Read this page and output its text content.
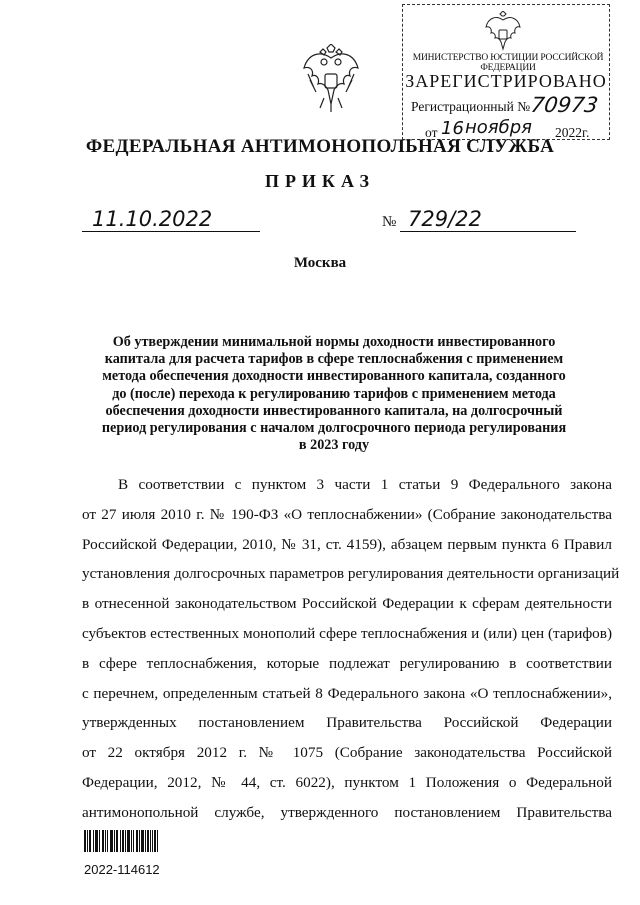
МИНИСТЕРСТВО ЮСТИЦИИ РОССИЙСКОЙ ФЕДЕРАЦИИ
ЗАРЕГИСТРИРОВАНО
Регистрационный № 70973
от 16 ноября 2022г.
ФЕДЕРАЛЬНАЯ АНТИМОНОПОЛЬНАЯ СЛУЖБА
ПРИКАЗ
11.10.2022	№ 729/22
Москва
Об утверждении минимальной нормы доходности инвестированного
капитала для расчета тарифов в сфере теплоснабжения с применением
метода обеспечения доходности инвестированного капитала, созданного
до (после) перехода к регулированию тарифов с применением метода
обеспечения доходности инвестированного капитала, на долгосрочный
период регулирования с началом долгосрочного периода регулирования
в 2023 году
В соответствии с пунктом 3 части 1 статьи 9 Федерального закона
от 27 июля 2010 г. № 190-ФЗ «О теплоснабжении» (Собрание законодательства
Российской Федерации, 2010, № 31, ст. 4159), абзацем первым пункта 6 Правил
установления долгосрочных параметров регулирования деятельности организаций
в отнесенной законодательством Российской Федерации к сферам деятельности
субъектов естественных монополий сфере теплоснабжения и (или) цен (тарифов)
в сфере теплоснабжения, которые подлежат регулированию в соответствии
с перечнем, определенным статьей 8 Федерального закона «О теплоснабжении»,
утвержденных постановлением Правительства Российской Федерации
от 22 октября 2012 г. № 1075 (Собрание законодательства Российской
Федерации, 2012, № 44, ст. 6022), пунктом 1 Положения о Федеральной
антимонопольной службе, утвержденного постановлением Правительства
2022-114612
